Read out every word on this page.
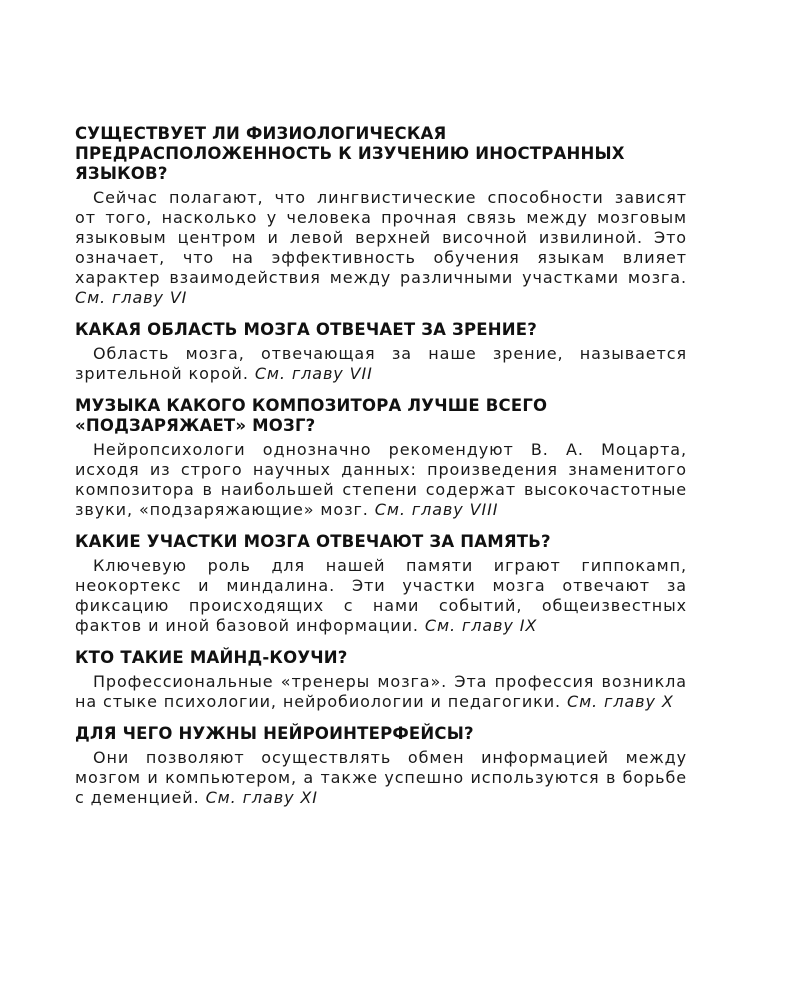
СУЩЕСТВУЕТ ЛИ ФИЗИОЛОГИЧЕСКАЯ ПРЕДРАСПОЛОЖЕННОСТЬ К ИЗУЧЕНИЮ ИНОСТРАННЫХ ЯЗЫКОВ?

Сейчас полагают, что лингвистические способности зависят от того, насколько у человека прочная связь между мозговым языковым центром и левой верхней височной извилиной. Это означает, что на эффективность обучения языкам влияет характер взаимодействия между различными участками мозга. См. главу VI

КАКАЯ ОБЛАСТЬ МОЗГА ОТВЕЧАЕТ ЗА ЗРЕНИЕ?

Область мозга, отвечающая за наше зрение, называется зрительной корой. См. главу VII

МУЗЫКА КАКОГО КОМПОЗИТОРА ЛУЧШЕ ВСЕГО «ПОДЗАРЯЖАЕТ» МОЗГ?

Нейропсихологи однозначно рекомендуют В. А. Моцарта, исходя из строго научных данных: произведения знаменитого композитора в наибольшей степени содержат высокочастотные звуки, «подзаряжающие» мозг. См. главу VIII

КАКИЕ УЧАСТКИ МОЗГА ОТВЕЧАЮТ ЗА ПАМЯТЬ?

Ключевую роль для нашей памяти играют гиппокамп, неокортекс и миндалина. Эти участки мозга отвечают за фиксацию происходящих с нами событий, общеизвестных фактов и иной базовой информации. См. главу IX

КТО ТАКИЕ МАЙНД-КОУЧИ?

Профессиональные «тренеры мозга». Эта профессия возникла на стыке психологии, нейробиологии и педагогики. См. главу X

ДЛЯ ЧЕГО НУЖНЫ НЕЙРОИНТЕРФЕЙСЫ?

Они позволяют осуществлять обмен информацией между мозгом и компьютером, а также успешно используются в борьбе с деменцией. См. главу XI
